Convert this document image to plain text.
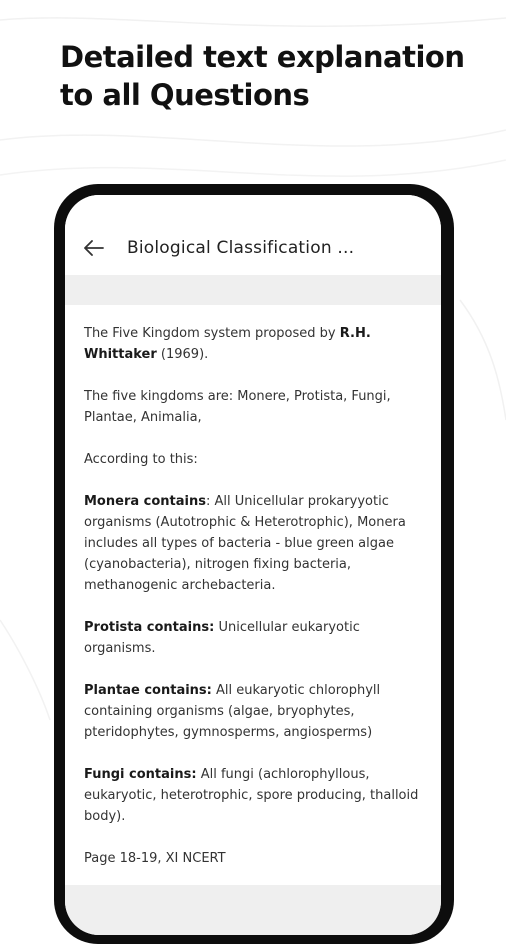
Detailed text explanation to all Questions
Biological Classification ...

The Five Kingdom system proposed by R.H. Whittaker (1969).

The five kingdoms are: Monere, Protista, Fungi, Plantae, Animalia,

According to this:

Monera contains: All Unicellular prokaryyotic organisms (Autotrophic & Heterotrophic), Monera includes all types of bacteria - blue green algae (cyanobacteria), nitrogen fixing bacteria, methanogenic archebacteria.

Protista contains: Unicellular eukaryotic organisms.

Plantae contains: All eukaryotic chlorophyll containing organisms (algae, bryophytes, pteridophytes, gymnosperms, angiosperms)

Fungi contains: All fungi (achlorophyllous, eukaryotic, heterotrophic, spore producing, thalloid body).

Page 18-19, XI NCERT
